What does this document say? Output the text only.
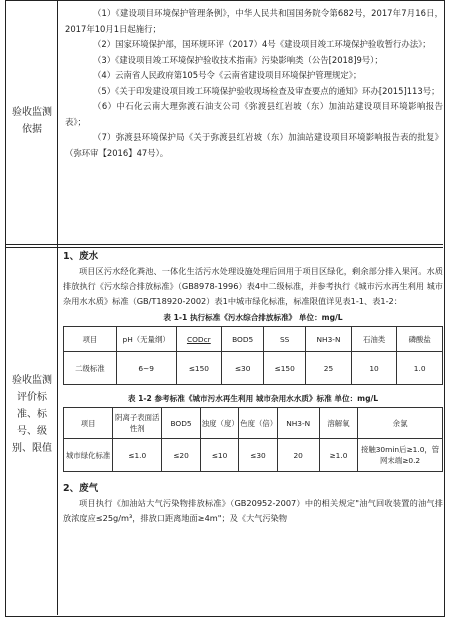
验收监测依据
验收监测评价标准、标号、级别、限值

（1）《建设项目环境保护管理条例》，中华人民共和国国务院令第682号，2017年7月16日，2017年10月1日起施行；

（2）国家环境保护部，国环规环评（2017）4号《建设项目竣工环境保护验收暂行办法》；

（3）《建设项目竣工环境保护验收技术指南》污染影响类（公告[2018]9号）；

（4）云南省人民政府第105号令《云南省建设项目环境保护管理规定》；

（5）《关于印发建设项目竣工环境保护验收现场检查及审查要点的通知》环办[2015]113号；

（6）中石化云南大理弥渡石油支公司《弥渡县红岩坡（东）加油站建设项目环境影响报告表》；

（7）弥渡县环境保护局《关于弥渡县红岩坡（东）加油站建设项目环境影响报告表的批复》（弥环审【2016】47号）。

1、废水

项目区污水经化粪池、一体化生活污水处理设施处理后回用于项目区绿化，剩余部分排入果河。水质排放执行《污水综合排放标准》（GB8978-1996）表4中二级标准，并参考执行《城市污水再生利用 城市杂用水水质》标准（GB/T18920-2002）表1中城市绿化标准，标准限值详见表1-1、表1-2：

表 1-1 执行标准《污水综合排放标准》 单位：mg/L
项目	pH（无量纲）	CODcr	BOD5	SS	NH3-N	石油类	磷酸盐
二级标准	6~9	≤150	≤30	≤150	25	10	1.0
表 1-2 参考标准《城市污水再生利用 城市杂用水水质》标准 单位：mg/L
项目	阴离子表面活性剂	BOD5	浊度（度）	色度（倍）	NH3-N	溶解氧	余氯
城市绿化标准	≤1.0	≤20	≤10	≤30	20	≥1.0	接触30min后≥1.0，管网末端≥0.2

2、废气

项目执行《加油站大气污染物排放标准》（GB20952-2007）中的相关规定"油气回收装置的油气排放浓度应≤25g/m³，排放口距离地面≥4m"；及《大气污染物
